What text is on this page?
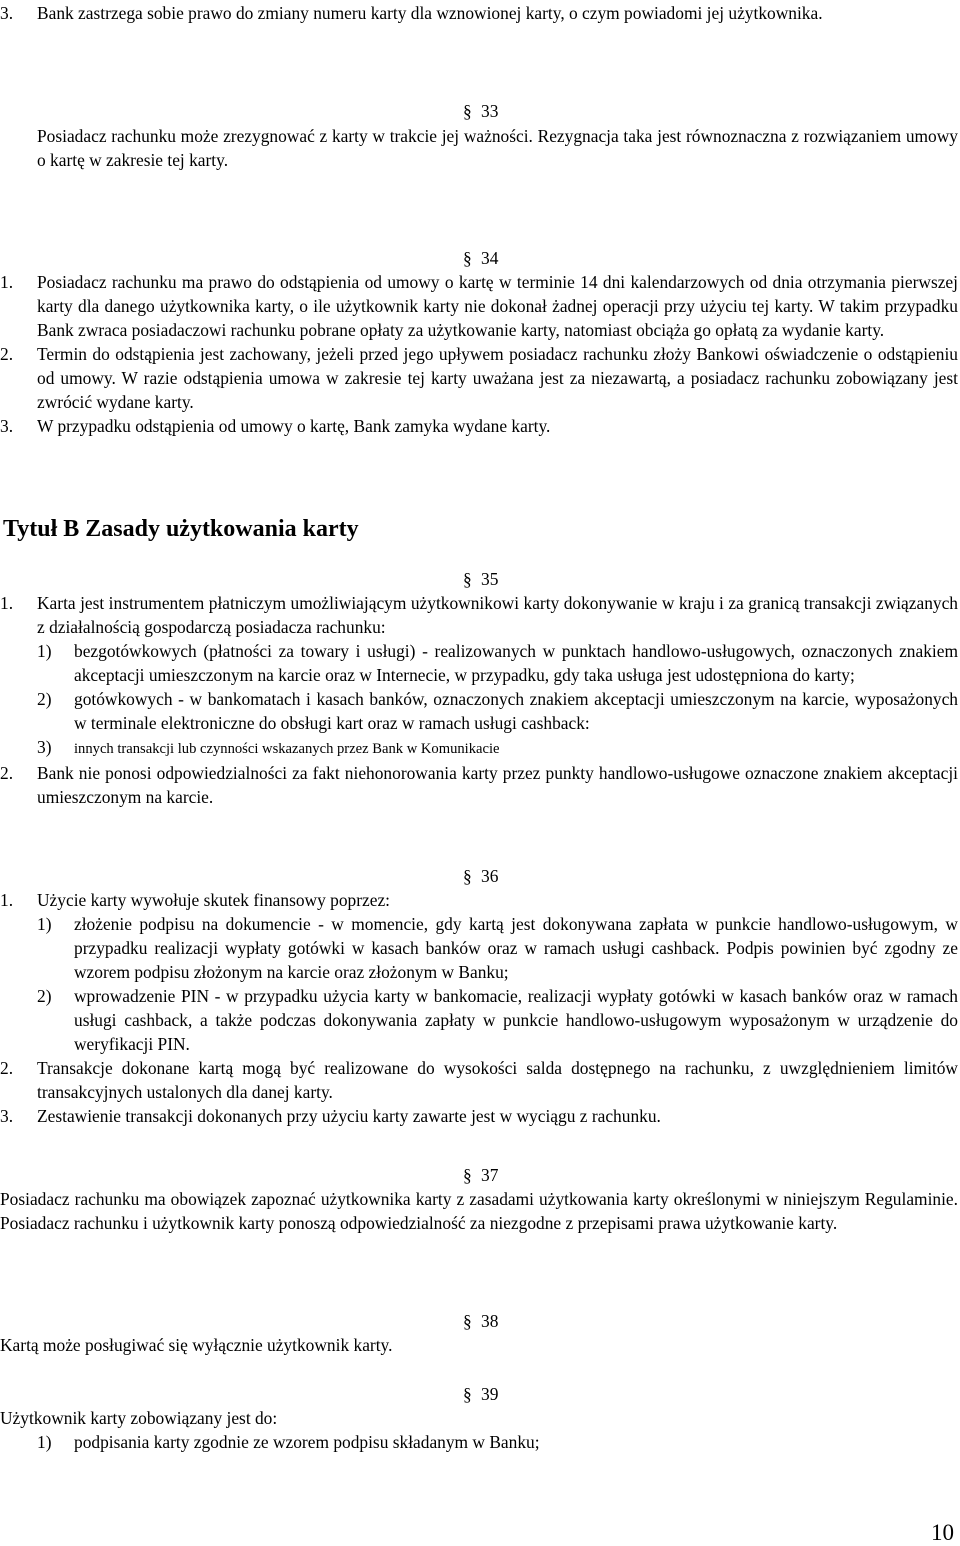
3. Bank zastrzega sobie prawo do zmiany numeru karty dla wznowionej karty, o czym powiadomi jej użytkownika.

§ 33

Posiadacz rachunku może zrezygnować z karty w trakcie jej ważności. Rezygnacja taka jest równoznaczna z rozwiązaniem umowy o kartę w zakresie tej karty.

§ 34

1. Posiadacz rachunku ma prawo do odstąpienia od umowy o kartę w terminie 14 dni kalendarzowych od dnia otrzymania pierwszej karty dla danego użytkownika karty, o ile użytkownik karty nie dokonał żadnej operacji przy użyciu tej karty. W takim przypadku Bank zwraca posiadaczowi rachunku pobrane opłaty za użytkowanie karty, natomiast obciąża go opłatą za wydanie karty.

2. Termin do odstąpienia jest zachowany, jeżeli przed jego upływem posiadacz rachunku złoży Bankowi oświadczenie o odstąpieniu od umowy. W razie odstąpienia umowa w zakresie tej karty uważana jest za niezawartą, a posiadacz rachunku zobowiązany jest zwrócić wydane karty.

3. W przypadku odstąpienia od umowy o kartę, Bank zamyka wydane karty.

Tytuł B Zasady użytkowania karty
§ 35

1. Karta jest instrumentem płatniczym umożliwiającym użytkownikowi karty dokonywanie w kraju i za granicą transakcji związanych z działalnością gospodarczą posiadacza rachunku:

1) bezgotówkowych (płatności za towary i usługi) - realizowanych w punktach handlowo-usługowych, oznaczonych znakiem akceptacji umieszczonym na karcie oraz w Internecie, w przypadku, gdy taka usługa jest udostępniona do karty;

2) gotówkowych - w bankomatach i kasach banków, oznaczonych znakiem akceptacji umieszczonym na karcie, wyposażonych w terminale elektroniczne do obsługi kart oraz w ramach usługi cashback:

3) innych transakcji lub czynności wskazanych przez Bank w Komunikacie

2. Bank nie ponosi odpowiedzialności za fakt niehonorowania karty przez punkty handlowo-usługowe oznaczone znakiem akceptacji umieszczonym na karcie.

§ 36

1. Użycie karty wywołuje skutek finansowy poprzez:

1) złożenie podpisu na dokumencie - w momencie, gdy kartą jest dokonywana zapłata w punkcie handlowo-usługowym, w przypadku realizacji wypłaty gotówki w kasach banków oraz w ramach usługi cashback. Podpis powinien być zgodny ze wzorem podpisu złożonym na karcie oraz złożonym w Banku;

2) wprowadzenie PIN - w przypadku użycia karty w bankomacie, realizacji wypłaty gotówki w kasach banków oraz w ramach usługi cashback, a także podczas dokonywania zapłaty w punkcie handlowo-usługowym wyposażonym w urządzenie do weryfikacji PIN.

2. Transakcje dokonane kartą mogą być realizowane do wysokości salda dostępnego na rachunku, z uwzględnieniem limitów transakcyjnych ustalonych dla danej karty.

3. Zestawienie transakcji dokonanych przy użyciu karty zawarte jest w wyciągu z rachunku.

§ 37

Posiadacz rachunku ma obowiązek zapoznać użytkownika karty z zasadami użytkowania karty określonymi w niniejszym Regulaminie. Posiadacz rachunku i użytkownik karty ponoszą odpowiedzialność za niezgodne z przepisami prawa użytkowanie karty.

§ 38

Kartą może posługiwać się wyłącznie użytkownik karty.

§ 39

Użytkownik karty zobowiązany jest do:

1) podpisania karty zgodnie ze wzorem podpisu składanym w Banku;

10
